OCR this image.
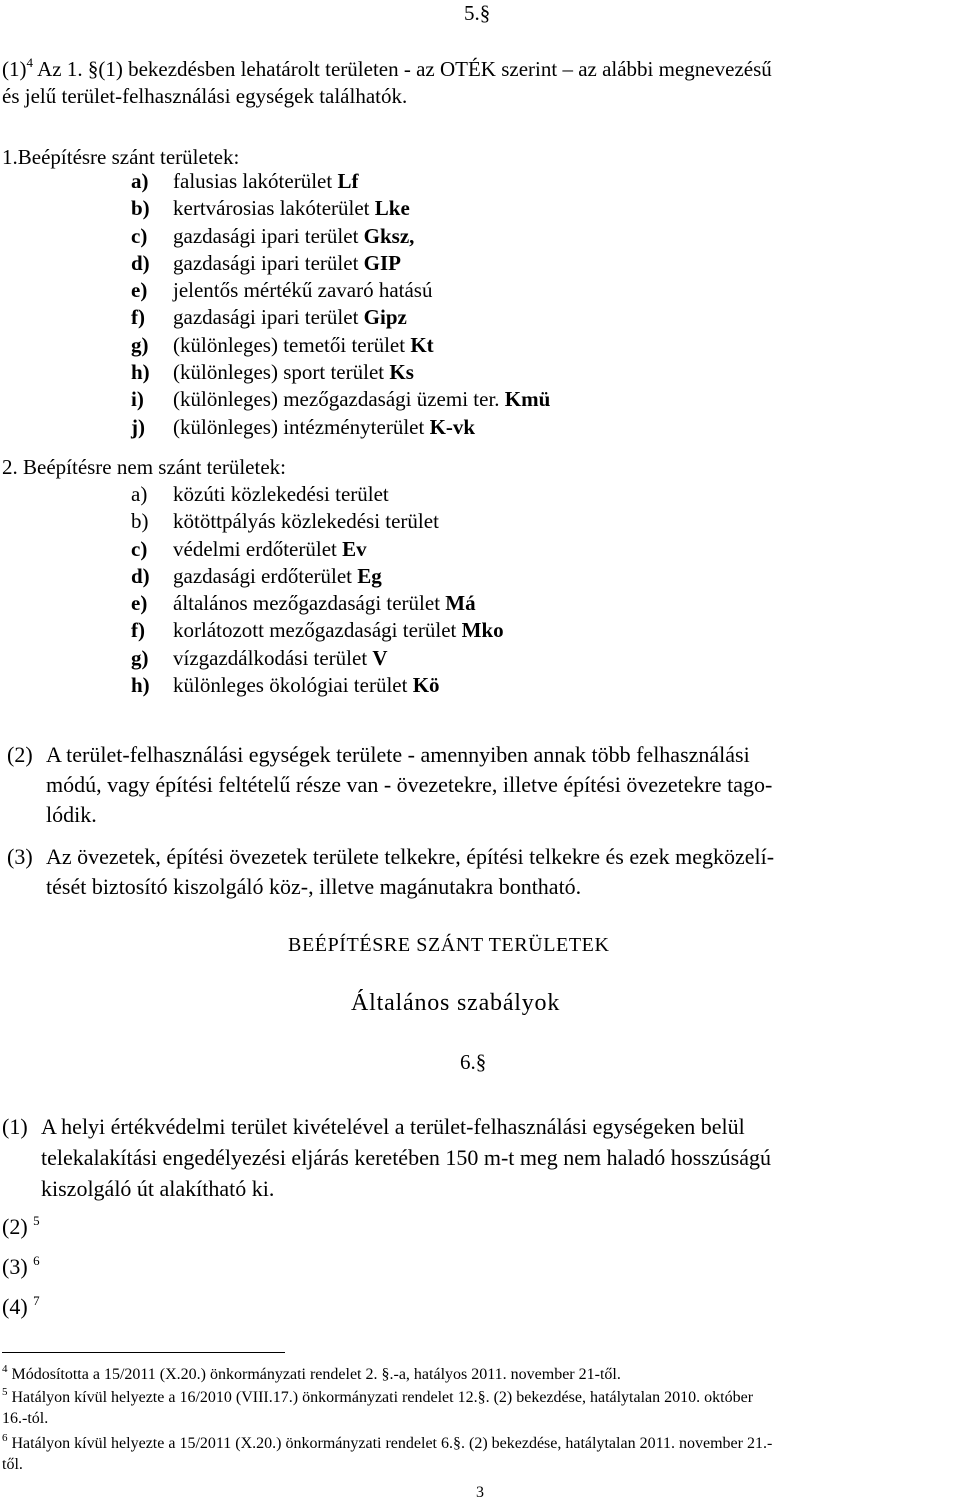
5.§
$(1)^4$ Az 1. §(1) bekezdésben lehatárolt területen - az OTÉK szerint – az alábbi megnevezésű
és jelű terület-felhasználási egységek találhatók.
1.Beépítésre szánt területek:
a) falusias lakóterület Lf
b) kertvárosias lakóterület Lke
c) gazdasági ipari terület Gksz,
d) gazdasági ipari terület GIP
e) jelentős mértékű zavaró hatású
f) gazdasági ipari terület Gipz
g) (különleges) temetői terület Kt
h) (különleges) sport terület Ks
i) (különleges) mezőgazdasági üzemi ter. Kmü
j) (különleges) intézményterület K-vk
2. Beépítésre nem szánt területek:
a) közúti közlekedési terület
b) kötöttpályás közlekedési terület
c) védelmi erdőterület Ev
d) gazdasági erdőterület Eg
e) általános mezőgazdasági terület Má
f) korlátozott mezőgazdasági terület Mko
g) vízgazdálkodási terület V
h) különleges ökológiai terület Kö
(2) A terület-felhasználási egységek területe - amennyiben annak több felhasználási
módú, vagy építési feltételű része van - övezetekre, illetve építési övezetekre tago-
lódik.
(3) Az övezetek, építési övezetek területe telkekre, építési telkekre és ezek megközelí-
tését biztosító kiszolgáló köz-, illetve magánutakra bontható.
BEÉPÍTÉSRE SZÁNT TERÜLETEK
Általános szabályok
6.§
(1) A helyi értékvédelmi terület kivételével a terület-felhasználási egységeken belül
telekalakítási engedélyezési eljárás keretében 150 m-t meg nem haladó hosszúságú
kiszolgáló út alakítható ki.
(2) $^5$
(3) $^6$
(4) $^7$
$^4$ Módosította a 15/2011 (X.20.) önkormányzati rendelet 2. §.-a, hatályos 2011. november 21-től.
$^5$ Hatályon kívül helyezte a 16/2010 (VIII.17.) önkormányzati rendelet 12.§. (2) bekezdése, hatálytalan 2010. október
16.-tól.
$^6$ Hatályon kívül helyezte a 15/2011 (X.20.) önkormányzati rendelet 6.§. (2) bekezdése, hatálytalan 2011. november 21.-
től.
3
